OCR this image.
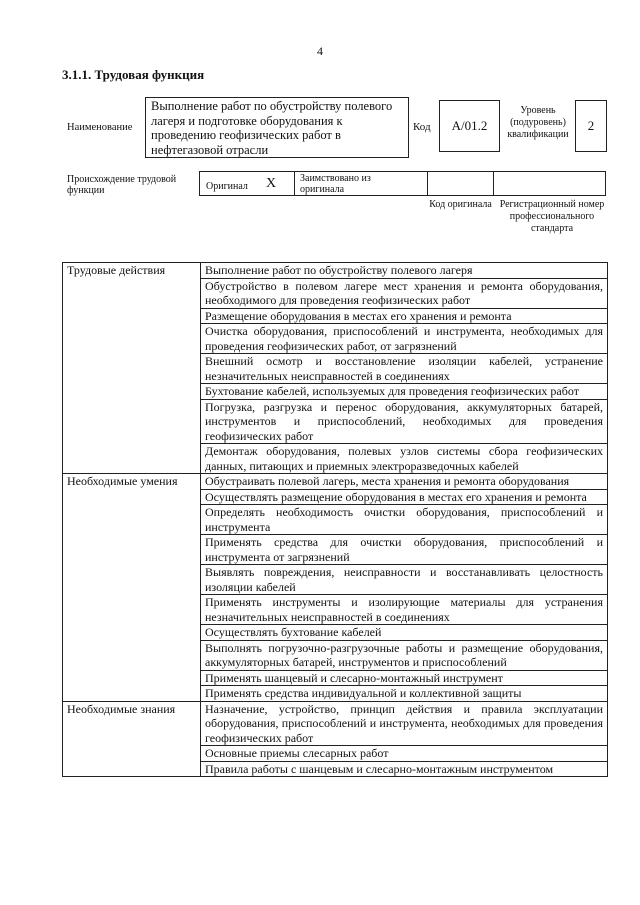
4
3.1.1. Трудовая функция
Наименование
Выполнение работ по обустройству полевого лагеря и подготовке оборудования к проведению геофизических работ в нефтегазовой отрасли
Код	A/01.2
Уровень (подуровень) квалификации
2
Происхождение трудовой функции	Оригинал X Заимствовано из оригинала
Код оригинала Регистрационный номер профессионального стандарта
Трудовые действия	Выполнение работ по обустройству полевого лагеря
	Обустройство в полевом лагере мест хранения и ремонта оборудования, необходимого для проведения геофизических работ
	Размещение оборудования в местах его хранения и ремонта
	Очистка оборудования, приспособлений и инструмента, необходимых для проведения геофизических работ, от загрязнений
	Внешний осмотр и восстановление изоляции кабелей, устранение незначительных неисправностей в соединениях
	Бухтование кабелей, используемых для проведения геофизических работ
	Погрузка, разгрузка и перенос оборудования, аккумуляторных батарей, инструментов и приспособлений, необходимых для проведения геофизических работ
	Демонтаж оборудования, полевых узлов системы сбора геофизических данных, питающих и приемных электроразведочных кабелей
Необходимые умения	Обустраивать полевой лагерь, места хранения и ремонта оборудования
	Осуществлять размещение оборудования в местах его хранения и ремонта
	Определять необходимость очистки оборудования, приспособлений и инструмента
	Применять средства для очистки оборудования, приспособлений и инструмента от загрязнений
	Выявлять повреждения, неисправности и восстанавливать целостность изоляции кабелей
	Применять инструменты и изолирующие материалы для устранения незначительных неисправностей в соединениях
	Осуществлять бухтование кабелей
	Выполнять погрузочно-разгрузочные работы и размещение оборудования, аккумуляторных батарей, инструментов и приспособлений
	Применять шанцевый и слесарно-монтажный инструмент
	Применять средства индивидуальной и коллективной защиты
Необходимые знания	Назначение, устройство, принцип действия и правила эксплуатации оборудования, приспособлений и инструмента, необходимых для проведения геофизических работ
	Основные приемы слесарных работ
	Правила работы с шанцевым и слесарно-монтажным инструментом
